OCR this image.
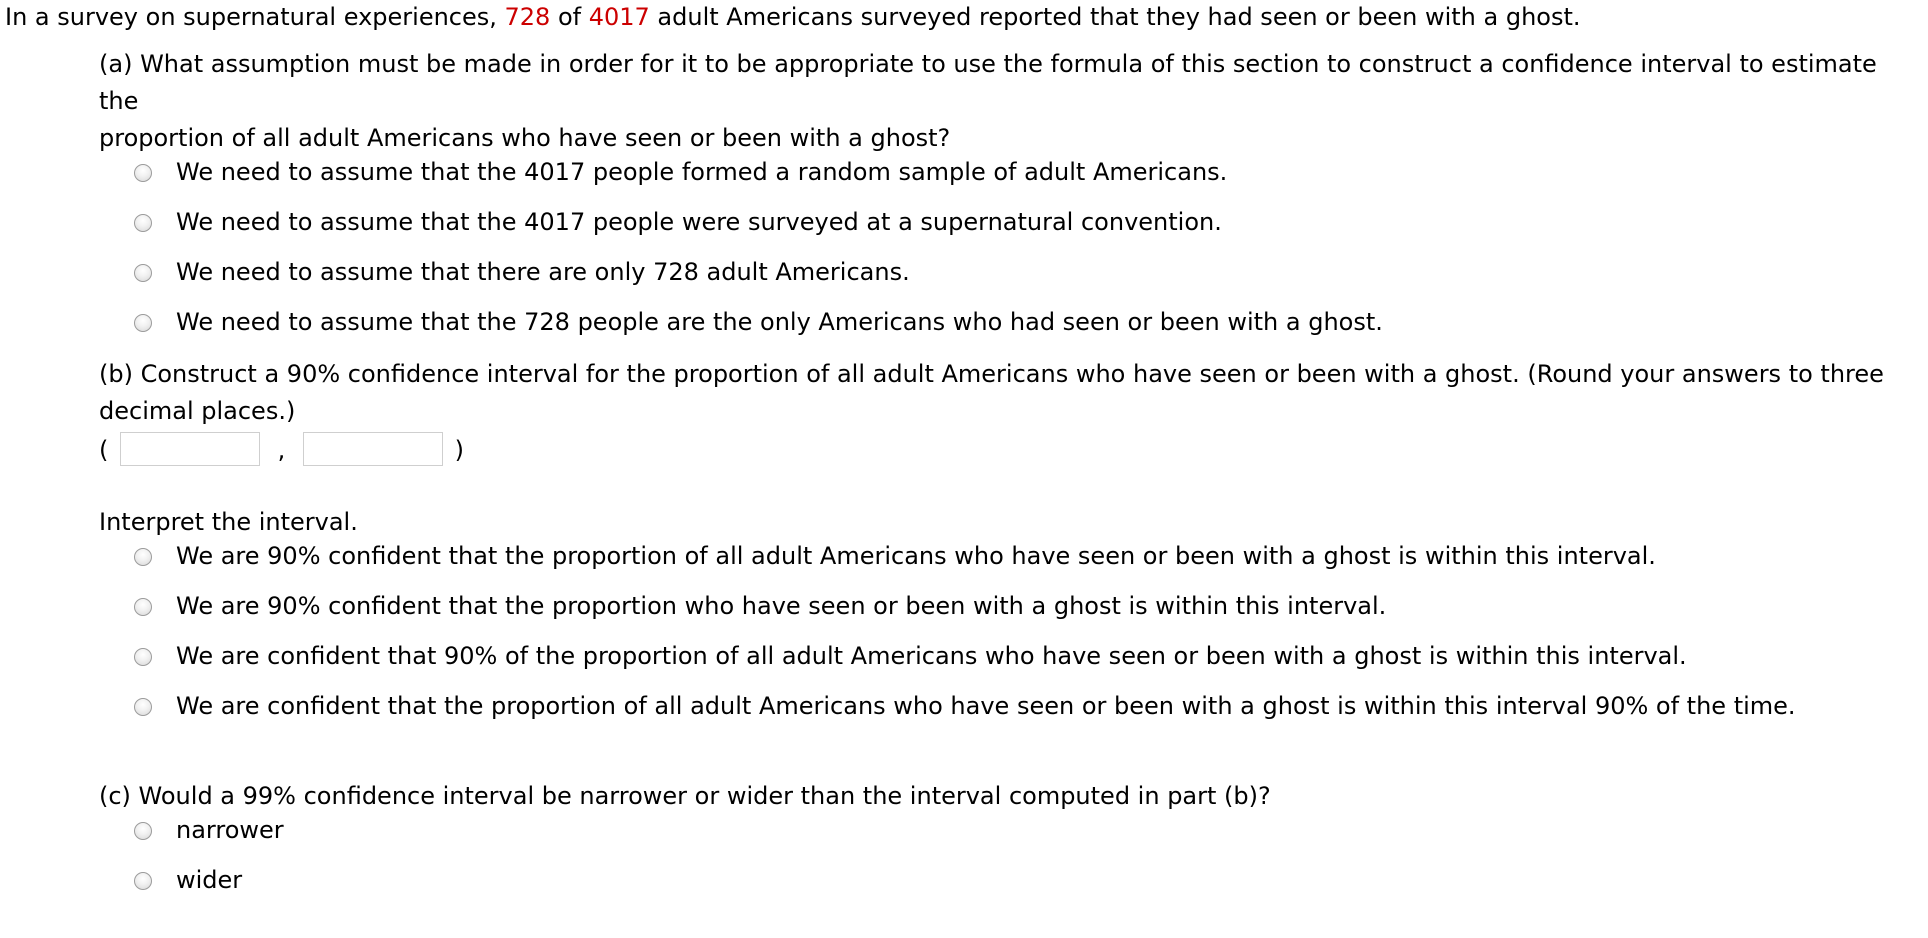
In a survey on supernatural experiences, 728 of 4017 adult Americans surveyed reported that they had seen or been with a ghost.
(a) What assumption must be made in order for it to be appropriate to use the formula of this section to construct a confidence interval to estimate the
proportion of all adult Americans who have seen or been with a ghost?
We need to assume that the 4017 people formed a random sample of adult Americans.
We need to assume that the 4017 people were surveyed at a supernatural convention.
We need to assume that there are only 728 adult Americans.
We need to assume that the 728 people are the only Americans who had seen or been with a ghost.
(b) Construct a 90% confidence interval for the proportion of all adult Americans who have seen or been with a ghost. (Round your answers to three
decimal places.)
(	,	)
Interpret the interval.
We are 90% confident that the proportion of all adult Americans who have seen or been with a ghost is within this interval.
We are 90% confident that the proportion who have seen or been with a ghost is within this interval.
We are confident that 90% of the proportion of all adult Americans who have seen or been with a ghost is within this interval.
We are confident that the proportion of all adult Americans who have seen or been with a ghost is within this interval 90% of the time.
(c) Would a 99% confidence interval be narrower or wider than the interval computed in part (b)?
narrower
wider
